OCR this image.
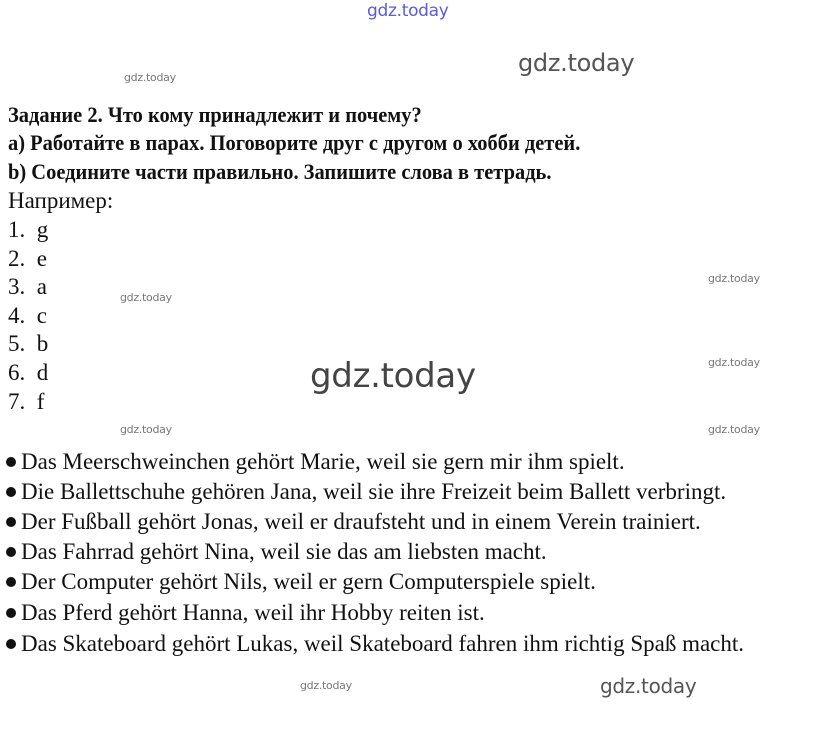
gdz.today
Задание 2. Что кому принадлежит и почему?
a) Работайте в парах. Поговорите друг с другом о хобби детей.
b) Соедините части правильно. Запишите слова в тетрадь.
Например:
1. g
2. e
3. a
4. c
5. b
6. d
7. f
Das Meerschweinchen gehört Marie, weil sie gern mir ihm spielt.
Die Ballettschuhe gehören Jana, weil sie ihre Freizeit beim Ballett verbringt.
Der Fußball gehört Jonas, weil er draufsteht und in einem Verein trainiert.
Das Fahrrad gehört Nina, weil sie das am liebsten macht.
Der Computer gehört Nils, weil er gern Computerspiele spielt.
Das Pferd gehört Hanna, weil ihr Hobby reiten ist.
Das Skateboard gehört Lukas, weil Skateboard fahren ihm richtig Spaß macht.
gdz.today
gdz.today
gdz.today
gdz.today
gdz.today
gdz.today
gdz.today	gdz.today
gdz.today
gdz.today
